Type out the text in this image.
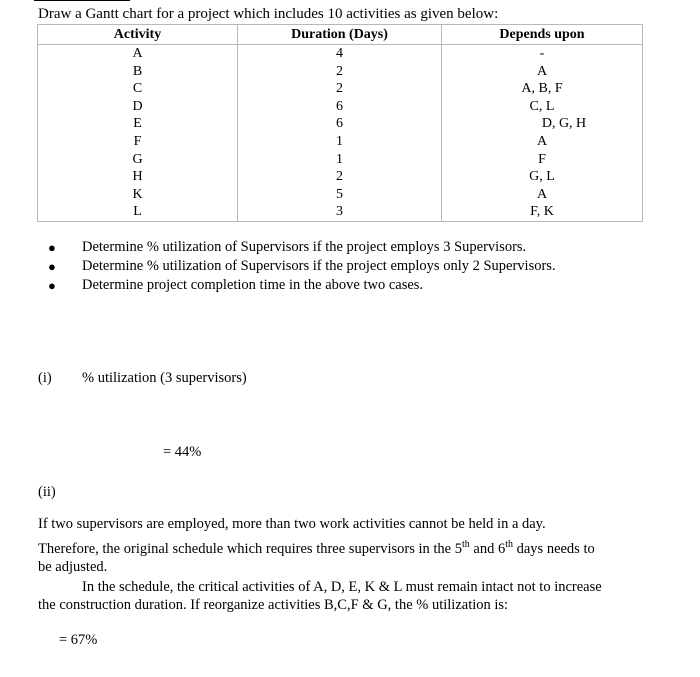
Draw a Gantt chart for a project which includes 10 activities as given below:
Activity	Duration (Days)	Depends upon
A	4	-
B	2	A
C	2	A, B, F
D	6	C, L
E	6	D, G, H
F	1	A
G	1	F
H	2	G, L
K	5	A
L	3	F, K
● Determine % utilization of Supervisors if the project employs 3 Supervisors.
● Determine % utilization of Supervisors if the project employs only 2 Supervisors.
● Determine project completion time in the above two cases.
(i) % utilization (3 supervisors)
= 44%
(ii)
If two supervisors are employed, more than two work activities cannot be held in a day.
Therefore, the original schedule which requires three supervisors in the 5th and 6th days needs to
be adjusted.
In the schedule, the critical activities of A, D, E, K & L must remain intact not to increase
the construction duration. If reorganize activities B,C,F & G, the % utilization is:
= 67%
